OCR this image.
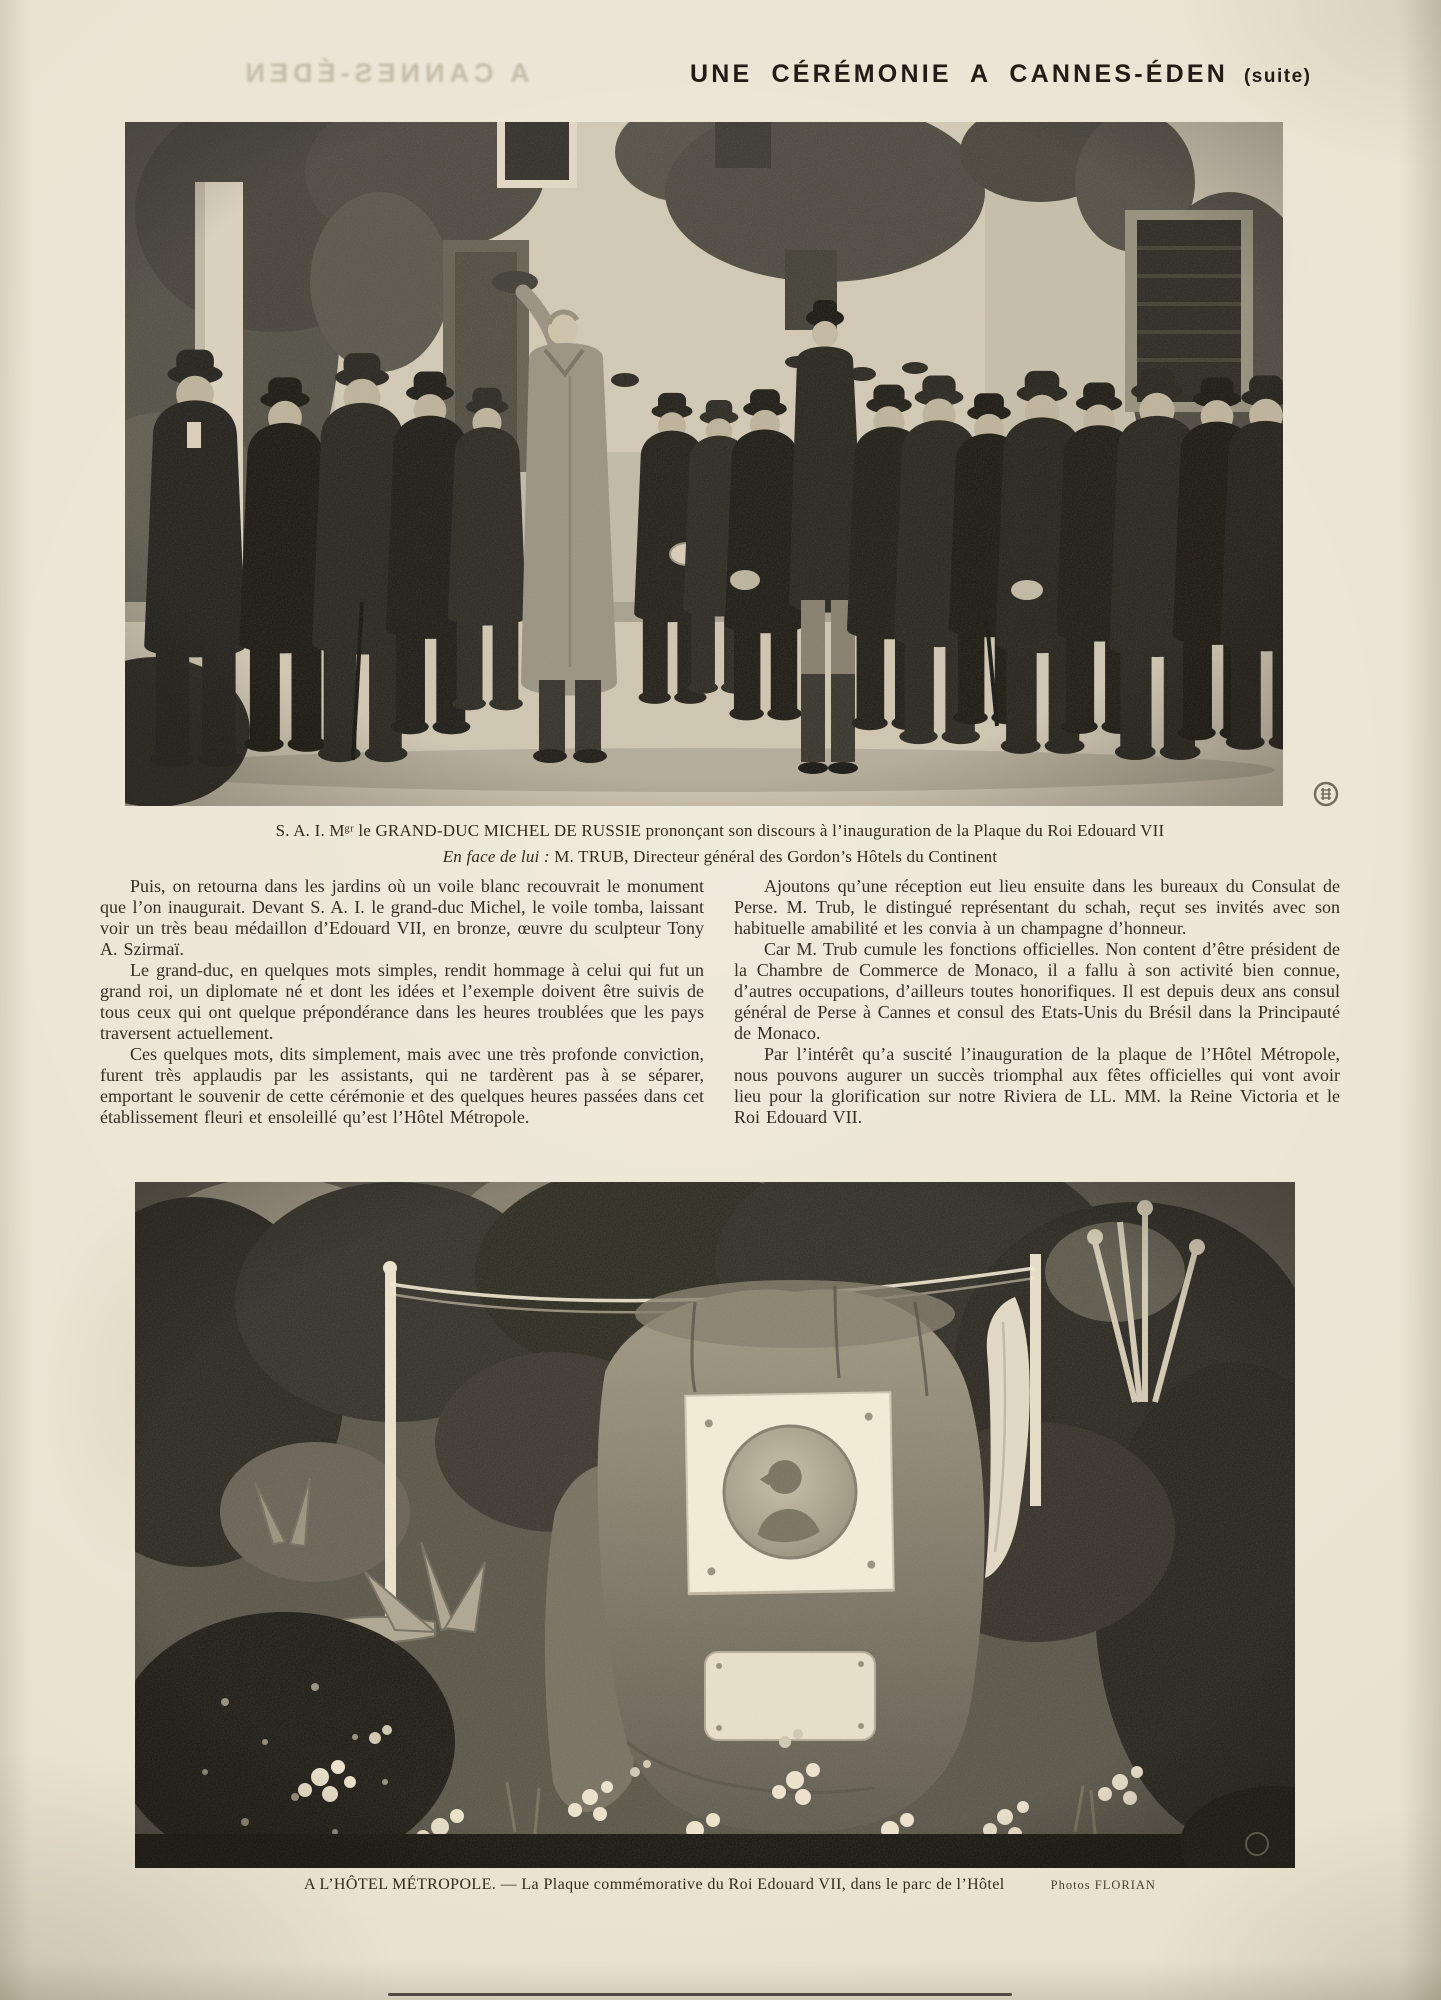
A CANNES-ÉDEN	UNE CÉRÉMONIE A CANNES-ÉDEN (suite)
S. A. I. Mᵍʳ le GRAND-DUC MICHEL DE RUSSIE prononçant son discours à l’inauguration de la Plaque du Roi Edouard VII
En face de lui : M. TRUB, Directeur général des Gordon’s Hôtels du Continent

Puis, on retourna dans les jardins où un voile blanc recouvrait le monument que l’on inaugurait. Devant S. A. I. le grand-duc Michel, le voile tomba, laissant voir un très beau médaillon d’Edouard VII, en bronze, œuvre du sculpteur Tony A. Szirmaï.

Le grand-duc, en quelques mots simples, rendit hommage à celui qui fut un grand roi, un diplomate né et dont les idées et l’exemple doivent être suivis de tous ceux qui ont quelque prépondérance dans les heures troublées que les pays traversent actuellement.

Ces quelques mots, dits simplement, mais avec une très profonde conviction, furent très applaudis par les assistants, qui ne tardèrent pas à se séparer, emportant le souvenir de cette cérémonie et des quelques heures passées dans cet établissement fleuri et ensoleillé qu’est l’Hôtel Métropole.

Ajoutons qu’une réception eut lieu ensuite dans les bureaux du Consulat de Perse. M. Trub, le distingué représentant du schah, reçut ses invités avec son habituelle amabilité et les convia à un champagne d’honneur.

Car M. Trub cumule les fonctions officielles. Non content d’être président de la Chambre de Commerce de Monaco, il a fallu à son activité bien connue, d’autres occupations, d’ailleurs toutes honorifiques. Il est depuis deux ans consul général de Perse à Cannes et consul des Etats-Unis du Brésil dans la Principauté de Monaco.

Par l’intérêt qu’a suscité l’inauguration de la plaque de l’Hôtel Métropole, nous pouvons augurer un succès triomphal aux fêtes officielles qui vont avoir lieu pour la glorification sur notre Riviera de LL. MM. la Reine Victoria et le Roi Edouard VII.

A L’HÔTEL MÉTROPOLE. — La Plaque commémorative du Roi Edouard VII, dans le parc de l’Hôtel	Photos FLORIAN
